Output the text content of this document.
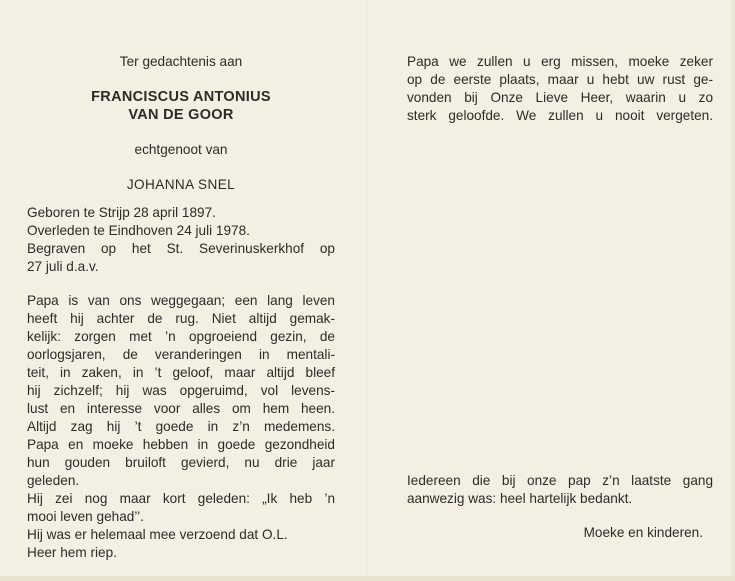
Ter gedachtenis aan
FRANCISCUS ANTONIUS
VAN DE GOOR
echtgenoot van
JOHANNA SNEL
Geboren te Strijp 28 april 1897.
Overleden te Eindhoven 24 juli 1978.
Begraven op het St. Severinuskerkhof op
27 juli d.a.v.
Papa is van ons weggegaan; een lang leven
heeft hij achter de rug. Niet altijd gemak-
kelijk: zorgen met ’n opgroeiend gezin, de
oorlogsjaren, de veranderingen in mentali-
teit, in zaken, in ’t geloof, maar altijd bleef
hij zichzelf; hij was opgeruimd, vol levens-
lust en interesse voor alles om hem heen.
Altijd zag hij ’t goede in z’n medemens.
Papa en moeke hebben in goede gezondheid
hun gouden bruiloft gevierd, nu drie jaar
geleden.
Hij zei nog maar kort geleden: „Ik heb ’n
mooi leven gehad’’.
Hij was er helemaal mee verzoend dat O.L.
Heer hem riep.
Papa we zullen u erg missen, moeke zeker
op de eerste plaats, maar u hebt uw rust ge-
vonden bij Onze Lieve Heer, waarin u zo
sterk geloofde. We zullen u nooit vergeten.
Iedereen die bij onze pap z’n laatste gang
aanwezig was: heel hartelijk bedankt.
Moeke en kinderen.
